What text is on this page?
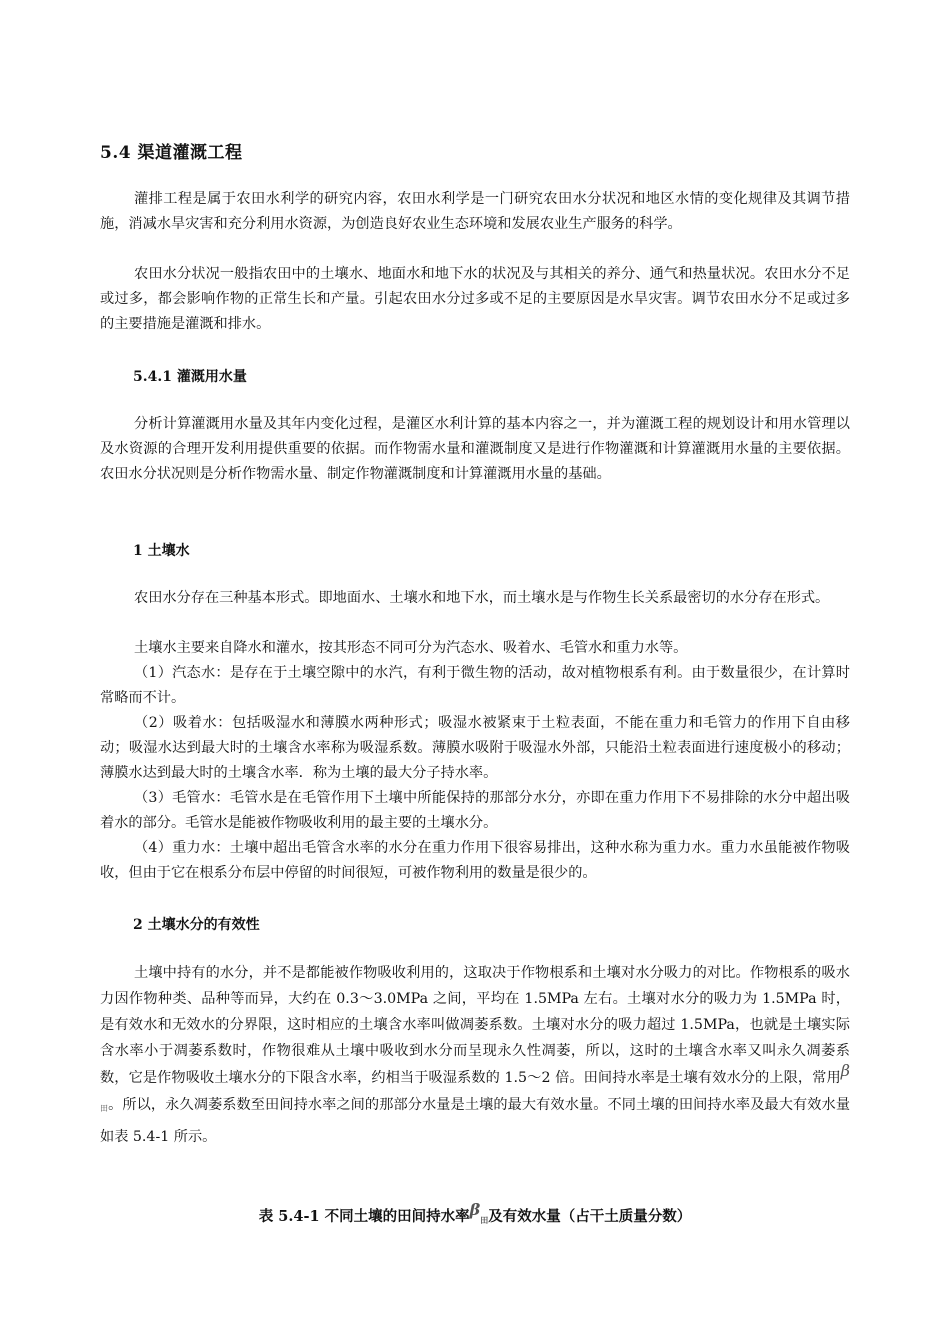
5.4 渠道灌溉工程

灌排工程是属于农田水利学的研究内容，农田水利学是一门研究农田水分状况和地区水情的变化规律及其调节措施，消减水旱灾害和充分利用水资源，为创造良好农业生态环境和发展农业生产服务的科学。

农田水分状况一般指农田中的土壤水、地面水和地下水的状况及与其相关的养分、通气和热量状况。农田水分不足或过多，都会影响作物的正常生长和产量。引起农田水分过多或不足的主要原因是水旱灾害。调节农田水分不足或过多的主要措施是灌溉和排水。

5.4.1 灌溉用水量

分析计算灌溉用水量及其年内变化过程，是灌区水利计算的基本内容之一，并为灌溉工程的规划设计和用水管理以及水资源的合理开发利用提供重要的依据。而作物需水量和灌溉制度又是进行作物灌溉和计算灌溉用水量的主要依据。农田水分状况则是分析作物需水量、制定作物灌溉制度和计算灌溉用水量的基础。

1 土壤水

农田水分存在三种基本形式。即地面水、土壤水和地下水，而土壤水是与作物生长关系最密切的水分存在形式。

土壤水主要来自降水和灌水，按其形态不同可分为汽态水、吸着水、毛管水和重力水等。

（1）汽态水：是存在于土壤空隙中的水汽，有利于微生物的活动，故对植物根系有利。由于数量很少，在计算时常略而不计。

（2）吸着水：包括吸湿水和薄膜水两种形式；吸湿水被紧束于土粒表面，不能在重力和毛管力的作用下自由移动；吸湿水达到最大时的土壤含水率称为吸湿系数。薄膜水吸附于吸湿水外部，只能沿土粒表面进行速度极小的移动；薄膜水达到最大时的土壤含水率．称为土壤的最大分子持水率。

（3）毛管水：毛管水是在毛管作用下土壤中所能保持的那部分水分，亦即在重力作用下不易排除的水分中超出吸着水的部分。毛管水是能被作物吸收利用的最主要的土壤水分。

（4）重力水：土壤中超出毛管含水率的水分在重力作用下很容易排出，这种水称为重力水。重力水虽能被作物吸收，但由于它在根系分布层中停留的时间很短，可被作物利用的数量是很少的。

2 土壤水分的有效性

土壤中持有的水分，并不是都能被作物吸收利用的，这取决于作物根系和土壤对水分吸力的对比。作物根系的吸水力因作物种类、品种等而异，大约在 0.3～3.0MPa 之间，平均在 1.5MPa 左右。土壤对水分的吸力为 1.5MPa 时，是有效水和无效水的分界限，这时相应的土壤含水率叫做凋萎系数。土壤对水分的吸力超过 1.5MPa，也就是土壤实际含水率小于凋萎系数时，作物很难从土壤中吸收到水分而呈现永久性凋萎，所以，这时的土壤含水率又叫永久凋萎系数，它是作物吸收土壤水分的下限含水率，约相当于吸湿系数的 1.5～2 倍。田间持水率是土壤有效水分的上限，常用$\beta_田$。所以，永久凋萎系数至田间持水率之间的那部分水量是土壤的最大有效水量。不同土壤的田间持水率及最大有效水量如表 5.4-1 所示。

表 5.4-1 不同土壤的田间持水率$\beta_田$及有效水量（占干土质量分数）
